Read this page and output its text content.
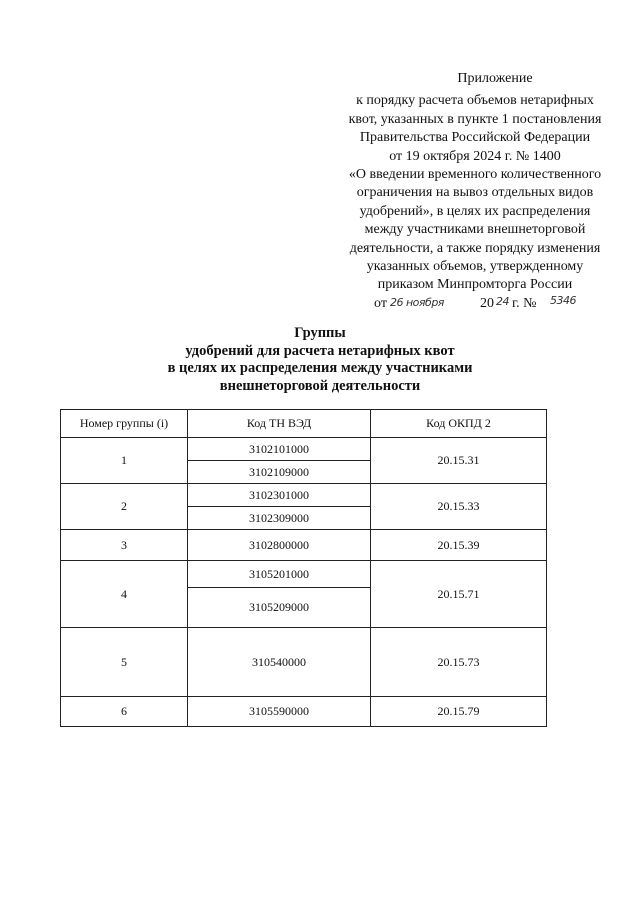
Приложение
к порядку расчета объемов нетарифных
квот, указанных в пункте 1 постановления
Правительства Российской Федерации
от 19 октября 2024 г. № 1400
«О введении временного количественного
ограничения на вывоз отдельных видов
удобрений», в целях их распределения
между участниками внешнеторговой
деятельности, а также порядку изменения
указанных объемов, утвержденному
приказом Минпромторга России
от 26 ноября	20 24 г. № 5346
Группы
удобрений для расчета нетарифных квот
в целях их распределения между участниками
внешнеторговой деятельности
Номер группы (i)	Код ТН ВЭД	Код ОКПД 2
1	3102101000	20.15.31
	3102109000	
2	3102301000	20.15.33
	3102309000	
3	3102800000	20.15.39
4	3105201000	20.15.71
	3105209000	
5	310540000	20.15.73
6	3105590000	20.15.79
